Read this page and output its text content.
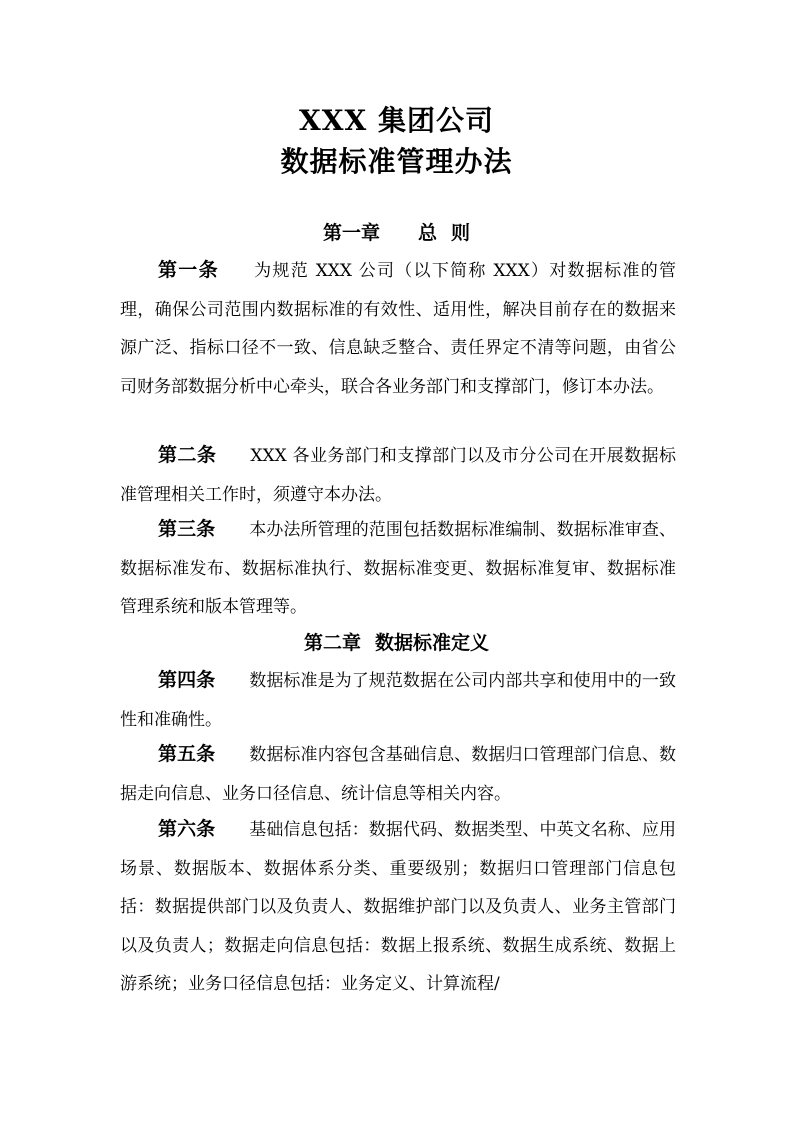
XXX 集团公司
数据标准管理办法
第一章 总 则
第一条 为规范 XXX 公司（以下简称 XXX）对数据标准的管理，确保公司范围内数据标准的有效性、适用性，解决目前存在的数据来源广泛、指标口径不一致、信息缺乏整合、责任界定不清等问题，由省公司财务部数据分析中心牵头，联合各业务部门和支撑部门，修订本办法。
第二条 XXX 各业务部门和支撑部门以及市分公司在开展数据标准管理相关工作时，须遵守本办法。
第三条 本办法所管理的范围包括数据标准编制、数据标准审查、数据标准发布、数据标准执行、数据标准变更、数据标准复审、数据标准管理系统和版本管理等。
第二章 数据标准定义
第四条 数据标准是为了规范数据在公司内部共享和使用中的一致性和准确性。
第五条 数据标准内容包含基础信息、数据归口管理部门信息、数据走向信息、业务口径信息、统计信息等相关内容。
第六条 基础信息包括：数据代码、数据类型、中英文名称、应用场景、数据版本、数据体系分类、重要级别；数据归口管理部门信息包括：数据提供部门以及负责人、数据维护部门以及负责人、业务主管部门以及负责人；数据走向信息包括：数据上报系统、数据生成系统、数据上游系统；业务口径信息包括：业务定义、计算流程/
